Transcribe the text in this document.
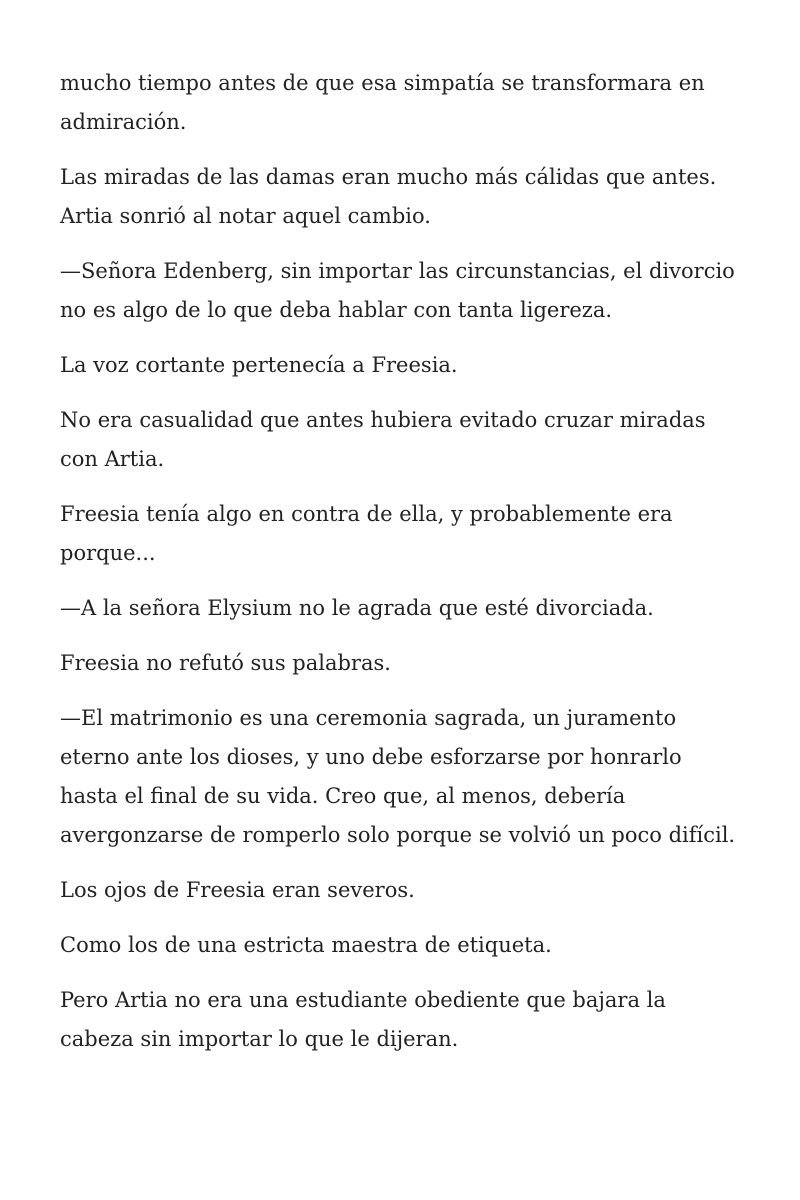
mucho tiempo antes de que esa simpatía se transformara en admiración.

Las miradas de las damas eran mucho más cálidas que antes. Artia sonrió al notar aquel cambio.

—Señora Edenberg, sin importar las circunstancias, el divorcio no es algo de lo que deba hablar con tanta ligereza.

La voz cortante pertenecía a Freesia.

No era casualidad que antes hubiera evitado cruzar miradas con Artia.

Freesia tenía algo en contra de ella, y probablemente era porque...

—A la señora Elysium no le agrada que esté divorciada.

Freesia no refutó sus palabras.

—El matrimonio es una ceremonia sagrada, un juramento eterno ante los dioses, y uno debe esforzarse por honrarlo hasta el final de su vida. Creo que, al menos, debería avergonzarse de romperlo solo porque se volvió un poco difícil.

Los ojos de Freesia eran severos.

Como los de una estricta maestra de etiqueta.

Pero Artia no era una estudiante obediente que bajara la cabeza sin importar lo que le dijeran.
